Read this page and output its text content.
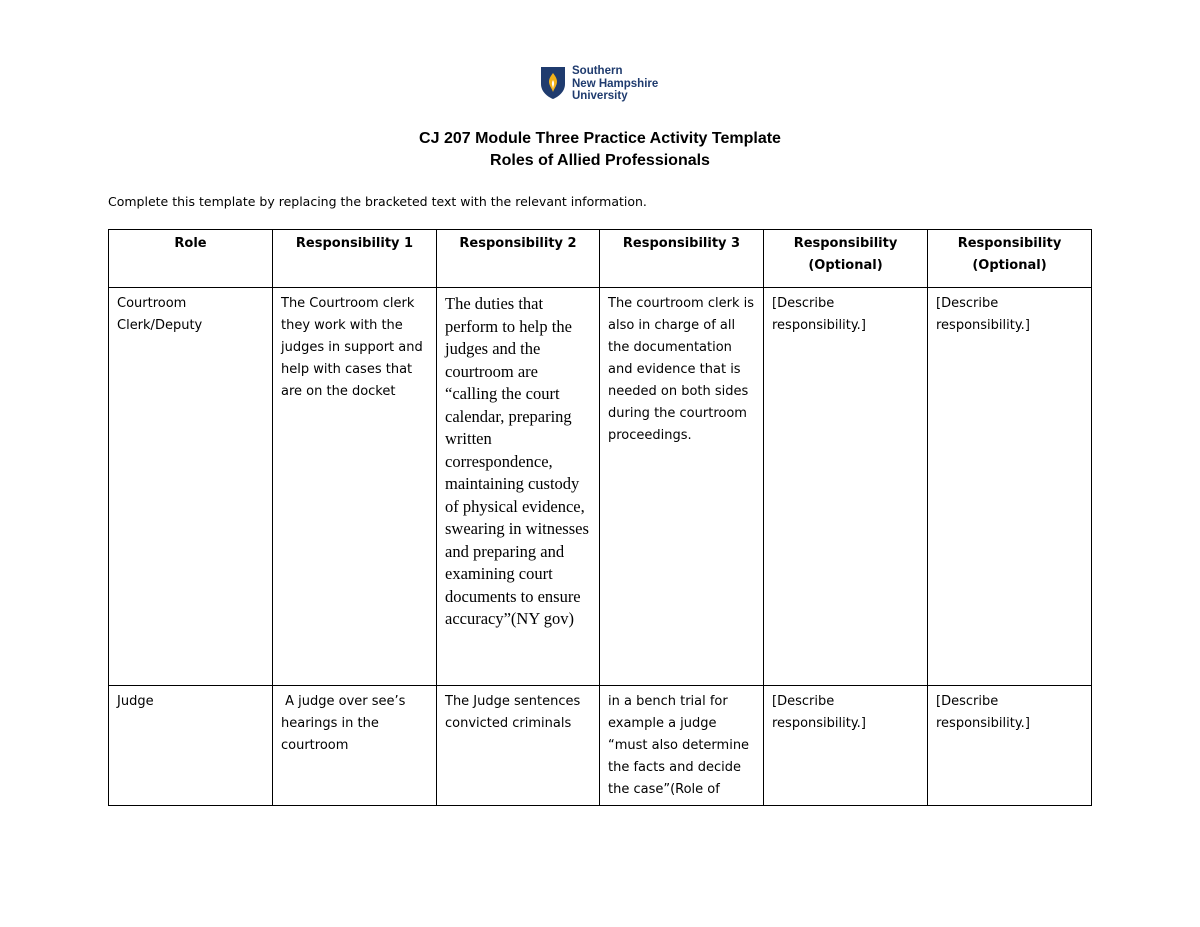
Southern
New Hampshire
University
CJ 207 Module Three Practice Activity Template
Roles of Allied Professionals
Complete this template by replacing the bracketed text with the relevant information.
Role	Responsibility 1	Responsibility 2	Responsibility 3	Responsibility (Optional)	Responsibility (Optional)

Courtroom Clerk/Deputy	The Courtroom clerk they work with the judges in support and help with cases that are on the docket	The duties that perform to help the judges and the courtroom are “calling the court calendar, preparing written correspondence, maintaining custody of physical evidence, swearing in witnesses and preparing and examining court documents to ensure accuracy”(NY gov)	The courtroom clerk is also in charge of all the documentation and evidence that is needed on both sides during the courtroom proceedings.	[Describe responsibility.]	[Describe responsibility.]

Judge	A judge over see’s hearings in the courtroom	The Judge sentences convicted criminals	in a bench trial for example a judge “must also determine the facts and decide the case”(Role of	[Describe responsibility.]	[Describe responsibility.]
